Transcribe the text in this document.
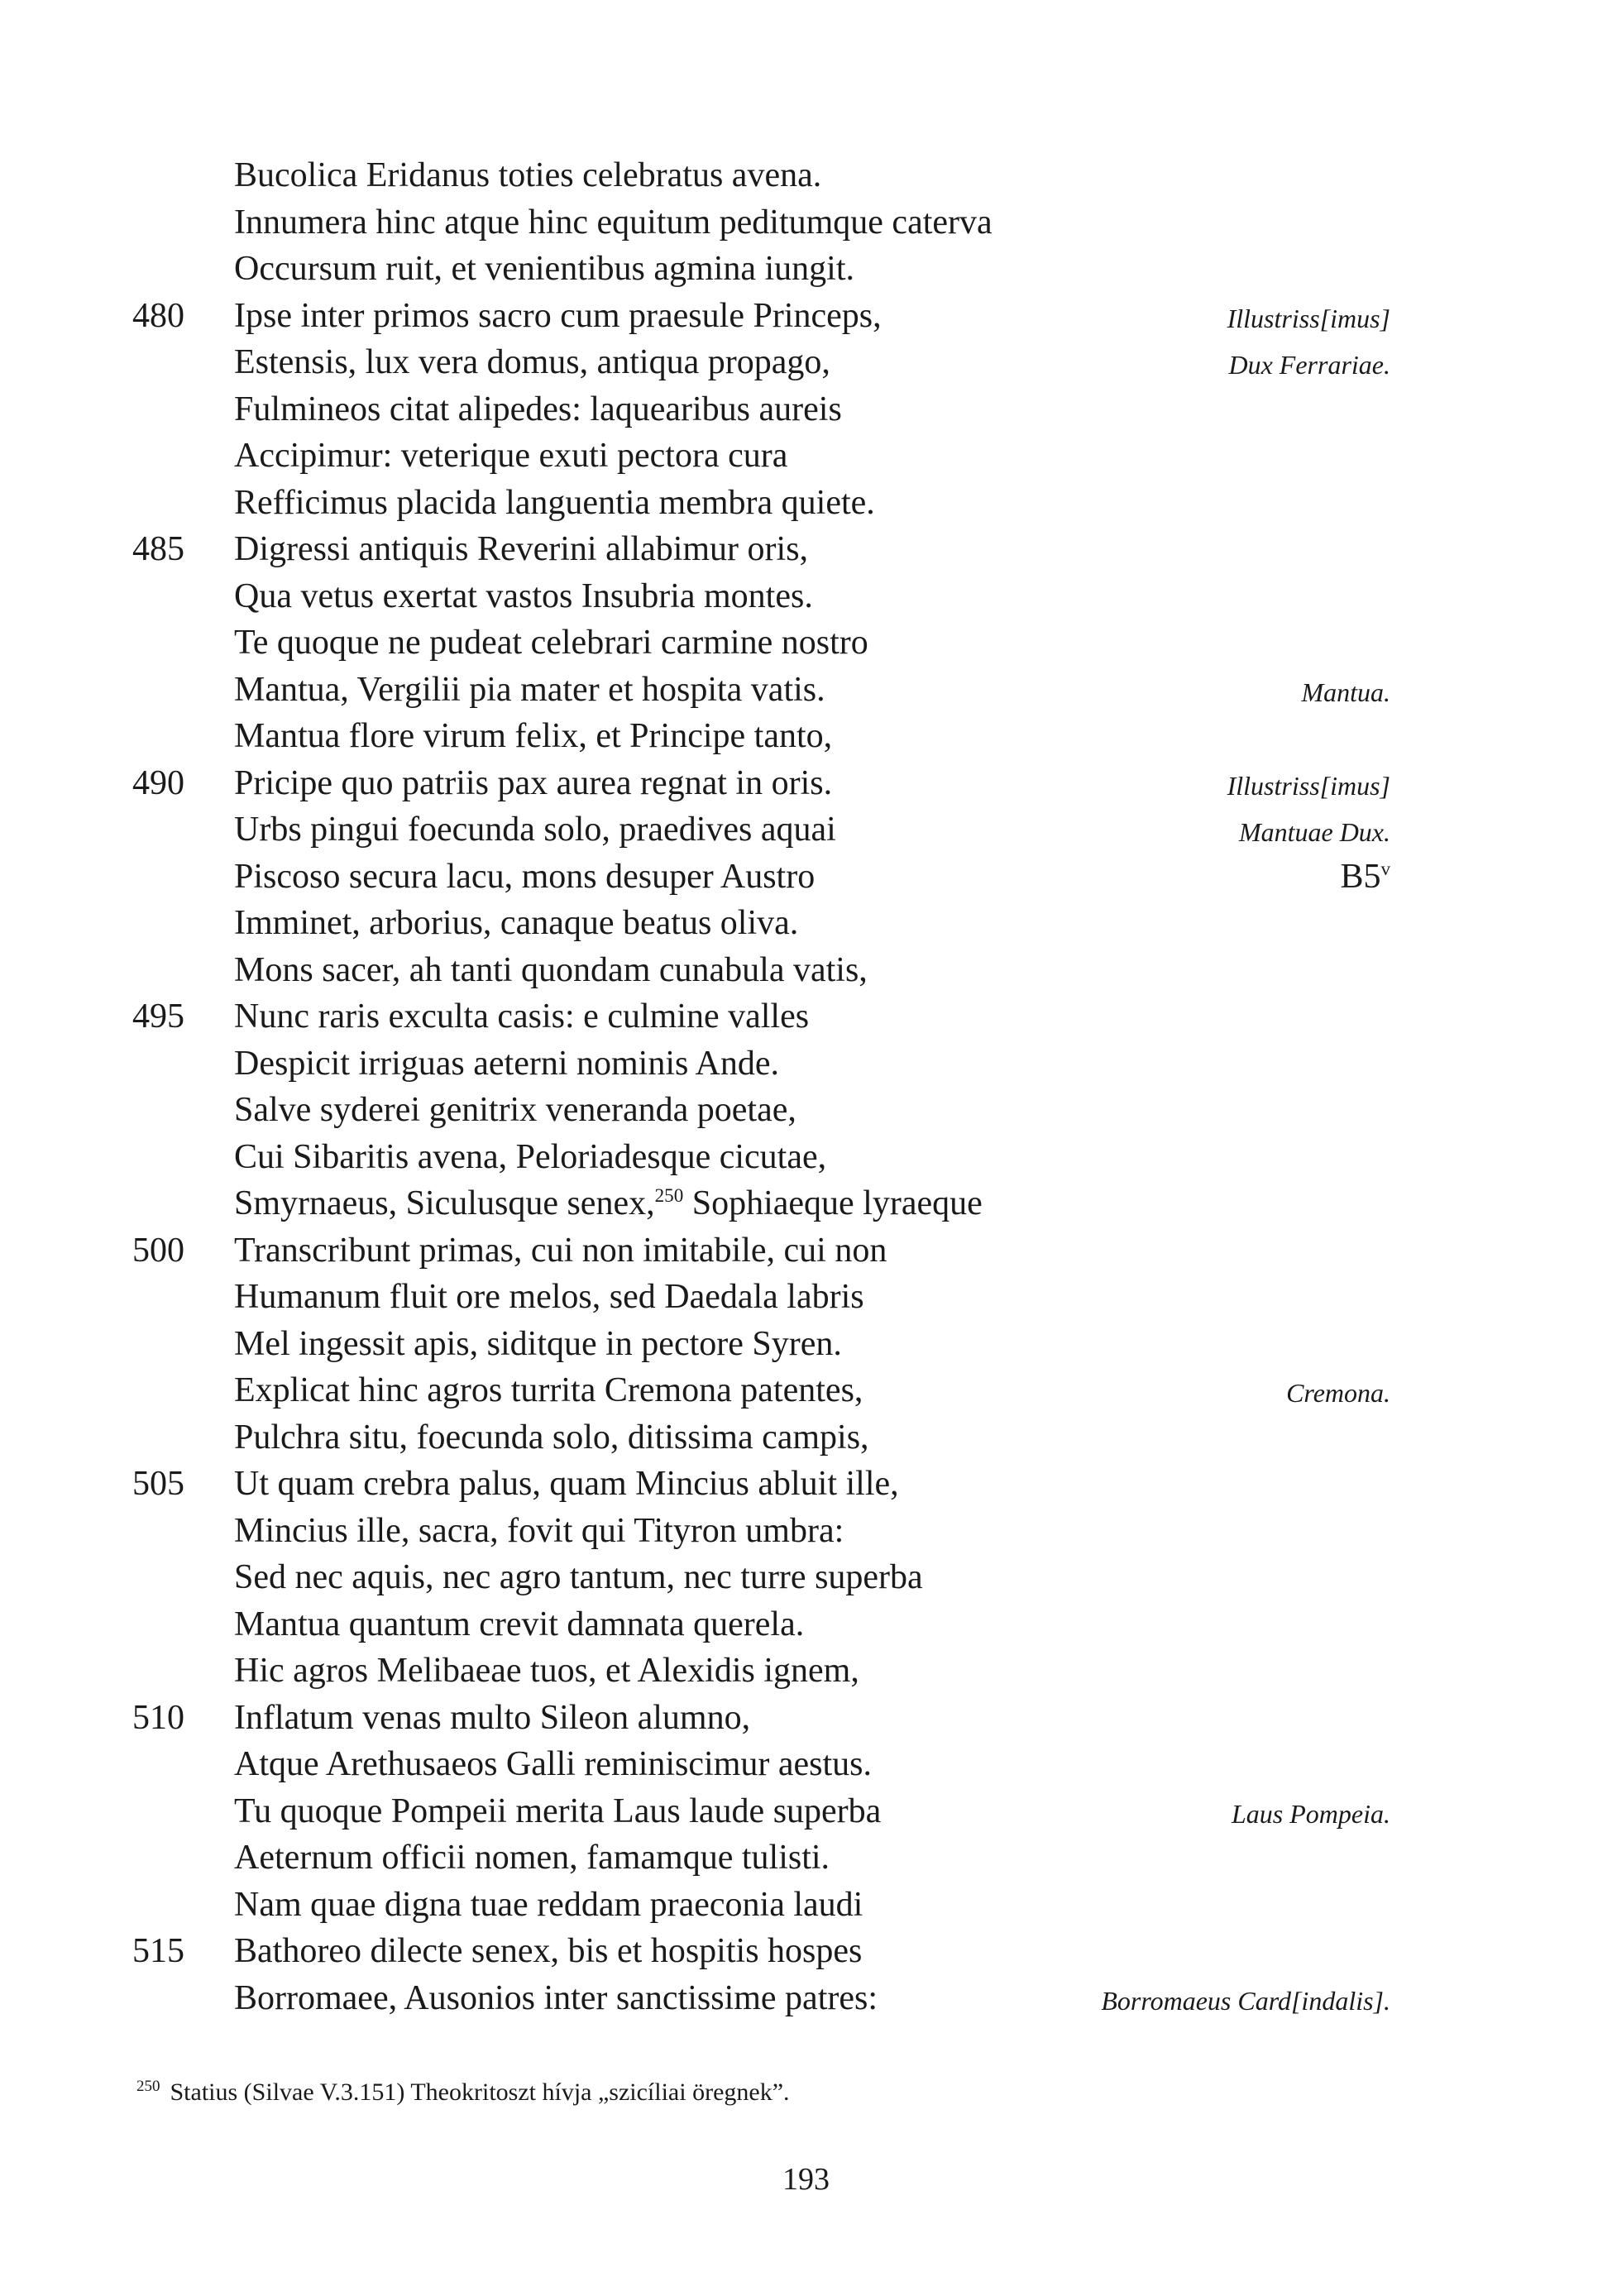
Bucolica Eridanus toties celebratus avena.
Innumera hinc atque hinc equitum peditumque caterva
Occursum ruit, et venientibus agmina iungit.
480 Ipse inter primos sacro cum praesule Princeps,	Illustriss[imus]
Estensis, lux vera domus, antiqua propago,	Dux Ferrariae.
Fulmineos citat alipedes: laquearibus aureis
Accipimur: veterique exuti pectora cura
Refficimus placida languentia membra quiete.
485 Digressi antiquis Reverini allabimur oris,
Qua vetus exertat vastos Insubria montes.
Te quoque ne pudeat celebrari carmine nostro
Mantua, Vergilii pia mater et hospita vatis.	Mantua.
Mantua flore virum felix, et Principe tanto,
490 Pricipe quo patriis pax aurea regnat in oris.	Illustriss[imus]
Urbs pingui foecunda solo, praedives aquai	Mantuae Dux.
Piscoso secura lacu, mons desuper Austro	B5$^v$
Imminet, arborius, canaque beatus oliva.
Mons sacer, ah tanti quondam cunabula vatis,
495 Nunc raris exculta casis: e culmine valles
Despicit irriguas aeterni nominis Ande.
Salve syderei genitrix veneranda poetae,
Cui Sibaritis avena, Peloriadesque cicutae,
Smyrnaeus, Siculusque senex,$^{250}$ Sophiaeque lyraeque
500 Transcribunt primas, cui non imitabile, cui non
Humanum fluit ore melos, sed Daedala labris
Mel ingessit apis, siditque in pectore Syren.
Explicat hinc agros turrita Cremona patentes,	Cremona.
Pulchra situ, foecunda solo, ditissima campis,
505 Ut quam crebra palus, quam Mincius abluit ille,
Mincius ille, sacra, fovit qui Tityron umbra:
Sed nec aquis, nec agro tantum, nec turre superba
Mantua quantum crevit damnata querela.
Hic agros Melibaeae tuos, et Alexidis ignem,
510 Inflatum venas multo Sileon alumno,
Atque Arethusaeos Galli reminiscimur aestus.
Tu quoque Pompeii merita Laus laude superba	Laus Pompeia.
Aeternum officii nomen, famamque tulisti.
Nam quae digna tuae reddam praeconia laudi
515 Bathoreo dilecte senex, bis et hospitis hospes
Borromaee, Ausonios inter sanctissime patres:	Borromaeus Card[indalis].
$^{250}$ Statius (Silvae V.3.151) Theokritoszt hívja „szicíliai öregnek”.
193
